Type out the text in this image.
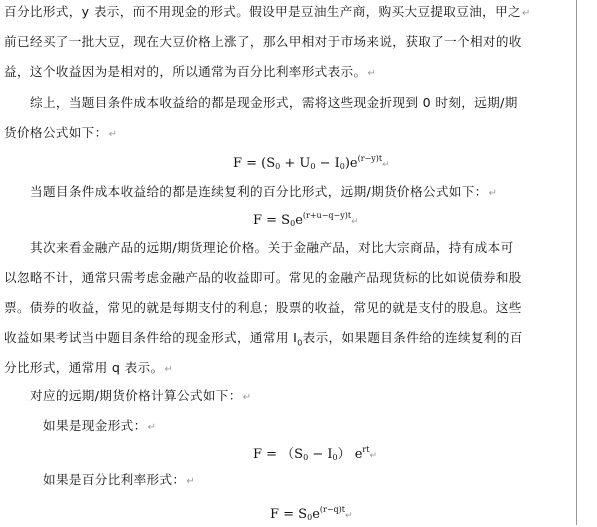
百分比形式，y 表示，而不用现金的形式。假设甲是豆油生产商，购买大豆提取豆油，甲之↵
前已经买了一批大豆，现在大豆价格上涨了，那么甲相对于市场来说，获取了一个相对的收
益，这个收益因为是相对的，所以通常为百分比利率形式表示。↵
综上，当题目条件成本收益给的都是现金形式，需将这些现金折现到 0 时刻，远期/期
货价格公式如下：↵
$F = (S_0 + U_0$ − $I_0)e^{(r-y)t}↵$
当题目条件成本收益给的都是连续复利的百分比形式，远期/期货价格公式如下：↵
$F = S_0e^{(r+u-q-y)t}↵$
其次来看金融产品的远期/期货理论价格。关于金融产品，对比大宗商品，持有成本可
以忽略不计，通常只需考虑金融产品的收益即可。常见的金融产品现货标的比如说债券和股
票。债券的收益，常见的就是每期支付的利息；股票的收益，常见的就是支付的股息。这些
收益如果考试当中题目条件给的现金形式，通常用 $I_0$表示，如果题目条件给的连续复利的百
分比形式，通常用 q 表示。↵
对应的远期/期货价格计算公式如下：↵
如果是现金形式：↵
$F = (S_0 - I_0)$ $e^{rt}↵$
如果是百分比利率形式：↵
$F = S_0e^{(r-q)t}↵$
